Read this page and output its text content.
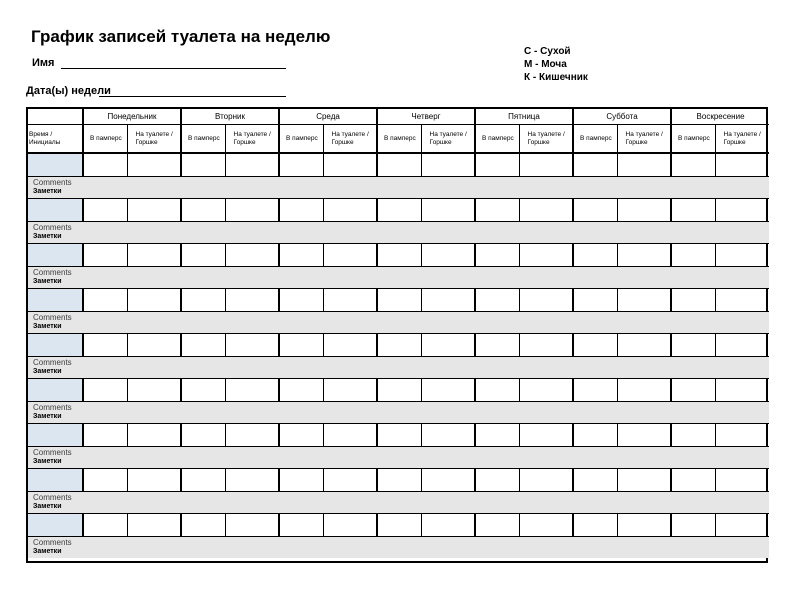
График записей туалета на неделю
Имя
Дата(ы) недели
С - Сухой
М - Моча
К - Кишечник
	Понедельник		Вторник		Среда		Четверг		Пятница		Суббота		Воскресение	
Время / Инициалы	В памперс	На туалете / Горшке	В памперс	На туалете / Горшке	В памперс	На туалете / Горшке	В памперс	На туалете / Горшке	В памперс	На туалете / Горшке	В памперс	На туалете / Горшке	В памперс	На туалете / Горшке

Comments
Заметки														

Comments
Заметки														

Comments
Заметки														

Comments
Заметки														

Comments
Заметки														

Comments
Заметки														

Comments
Заметки														

Comments
Заметки														

Comments
Заметки														
